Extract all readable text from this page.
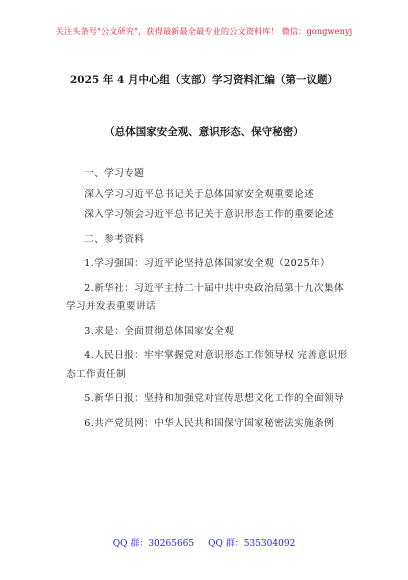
关注头条号"公文研究"，获得最新最全最专业的公文资料库！ 微信：gongwenyj
2025 年 4 月中心组（支部）学习资料汇编（第一议题）
（总体国家安全观、意识形态、保守秘密）

一、学习专题

深入学习习近平总书记关于总体国家安全观重要论述

深入学习领会习近平总书记关于意识形态工作的重要论述

二、参考资料

1.学习强国：习近平论坚持总体国家安全观（2025年）

2.新华社：习近平主持二十届中共中央政治局第十九次集体学习并发表重要讲话

3.求是：全面贯彻总体国家安全观

4.人民日报：牢牢掌握党对意识形态工作领导权 完善意识形态工作责任制

5.新华日报：坚持和加强党对宣传思想文化工作的全面领导

6.共产党员网：中华人民共和国保守国家秘密法实施条例

QQ 群：30265665 QQ 群：535304092
